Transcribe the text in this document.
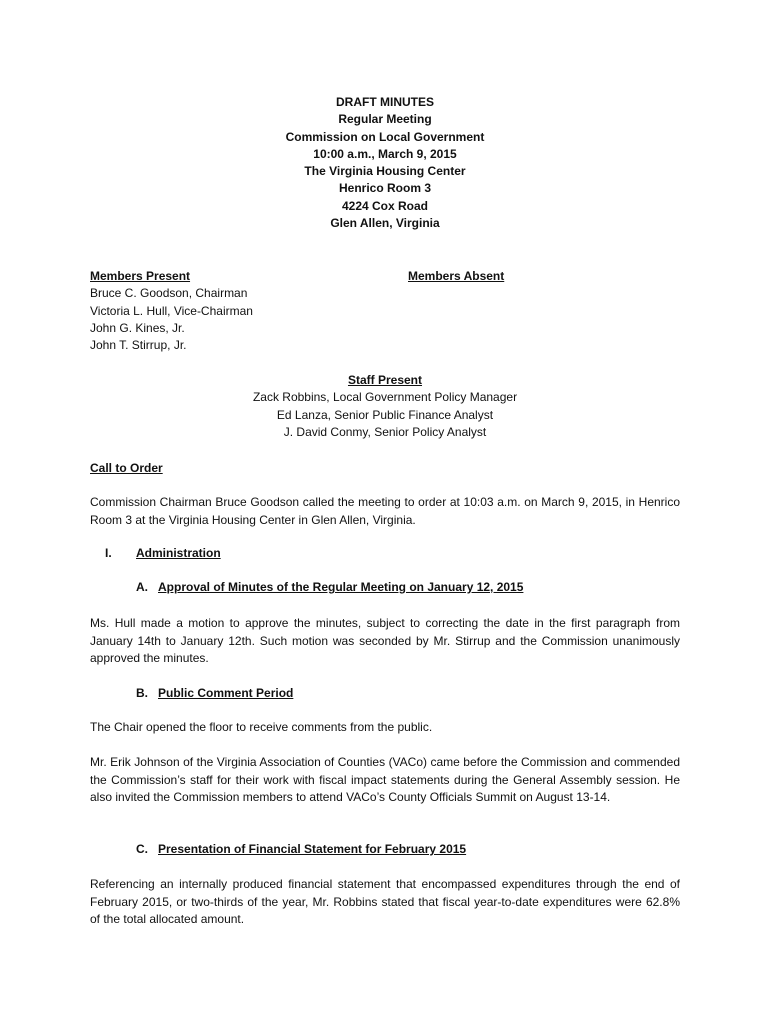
DRAFT MINUTES
Regular Meeting
Commission on Local Government
10:00 a.m., March 9, 2015
The Virginia Housing Center
Henrico Room 3
4224 Cox Road
Glen Allen, Virginia
Members Present
Bruce C. Goodson, Chairman
Victoria L. Hull, Vice-Chairman
John G. Kines, Jr.
John T. Stirrup, Jr.
Members Absent
Staff Present
Zack Robbins, Local Government Policy Manager
Ed Lanza, Senior Public Finance Analyst
J. David Conmy, Senior Policy Analyst
Call to Order
Commission Chairman Bruce Goodson called the meeting to order at 10:03 a.m. on March 9, 2015, in Henrico Room 3 at the Virginia Housing Center in Glen Allen, Virginia.
I. Administration
A. Approval of Minutes of the Regular Meeting on January 12, 2015
Ms. Hull made a motion to approve the minutes, subject to correcting the date in the first paragraph from January 14th to January 12th. Such motion was seconded by Mr. Stirrup and the Commission unanimously approved the minutes.
B. Public Comment Period
The Chair opened the floor to receive comments from the public.
Mr. Erik Johnson of the Virginia Association of Counties (VACo) came before the Commission and commended the Commission’s staff for their work with fiscal impact statements during the General Assembly session. He also invited the Commission members to attend VACo’s County Officials Summit on August 13-14.
C. Presentation of Financial Statement for February 2015
Referencing an internally produced financial statement that encompassed expenditures through the end of February 2015, or two-thirds of the year, Mr. Robbins stated that fiscal year-to-date expenditures were 62.8% of the total allocated amount.
